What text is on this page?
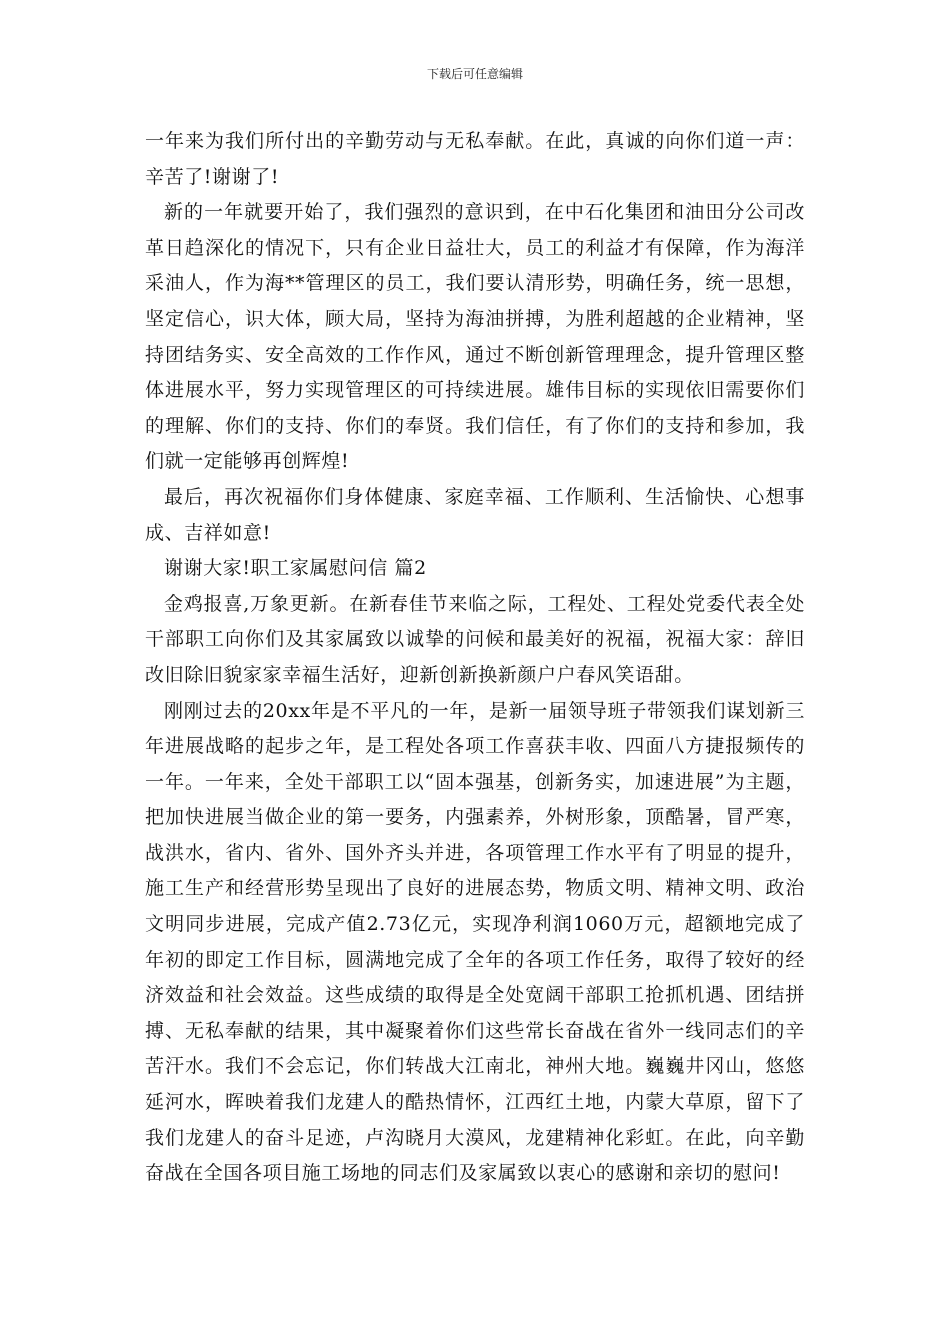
下载后可任意编辑

一年来为我们所付出的辛勤劳动与无私奉献。在此，真诚的向你们道一声：辛苦了!谢谢了!

新的一年就要开始了，我们强烈的意识到，在中石化集团和油田分公司改革日趋深化的情况下，只有企业日益壮大，员工的利益才有保障，作为海洋采油人，作为海**管理区的员工，我们要认清形势，明确任务，统一思想，坚定信心，识大体，顾大局，坚持为海油拼搏，为胜利超越的企业精神，坚持团结务实、安全高效的工作作风，通过不断创新管理理念，提升管理区整体进展水平，努力实现管理区的可持续进展。雄伟目标的实现依旧需要你们的理解、你们的支持、你们的奉贤。我们信任，有了你们的支持和参加，我们就一定能够再创辉煌!

最后，再次祝福你们身体健康、家庭幸福、工作顺利、生活愉快、心想事成、吉祥如意!

谢谢大家!职工家属慰问信 篇2

金鸡报喜,万象更新。在新春佳节来临之际，工程处、工程处党委代表全处干部职工向你们及其家属致以诚挚的问候和最美好的祝福，祝福大家：辞旧改旧除旧貌家家幸福生活好，迎新创新换新颜户户春风笑语甜。

刚刚过去的20xx年是不平凡的一年，是新一届领导班子带领我们谋划新三年进展战略的起步之年，是工程处各项工作喜获丰收、四面八方捷报频传的一年。一年来，全处干部职工以“固本强基，创新务实，加速进展”为主题，把加快进展当做企业的第一要务，内强素养，外树形象，顶酷暑，冒严寒，战洪水，省内、省外、国外齐头并进，各项管理工作水平有了明显的提升，施工生产和经营形势呈现出了良好的进展态势，物质文明、精神文明、政治文明同步进展，完成产值2.73亿元，实现净利润1060万元，超额地完成了年初的即定工作目标，圆满地完成了全年的各项工作任务，取得了较好的经济效益和社会效益。这些成绩的取得是全处宽阔干部职工抢抓机遇、团结拼搏、无私奉献的结果，其中凝聚着你们这些常长奋战在省外一线同志们的辛苦汗水。我们不会忘记，你们转战大江南北，神州大地。巍巍井冈山，悠悠延河水，晖映着我们龙建人的酷热情怀，江西红土地，内蒙大草原，留下了我们龙建人的奋斗足迹，卢沟晓月大漠风，龙建精神化彩虹。在此，向辛勤奋战在全国各项目施工场地的同志们及家属致以衷心的感谢和亲切的慰问!
